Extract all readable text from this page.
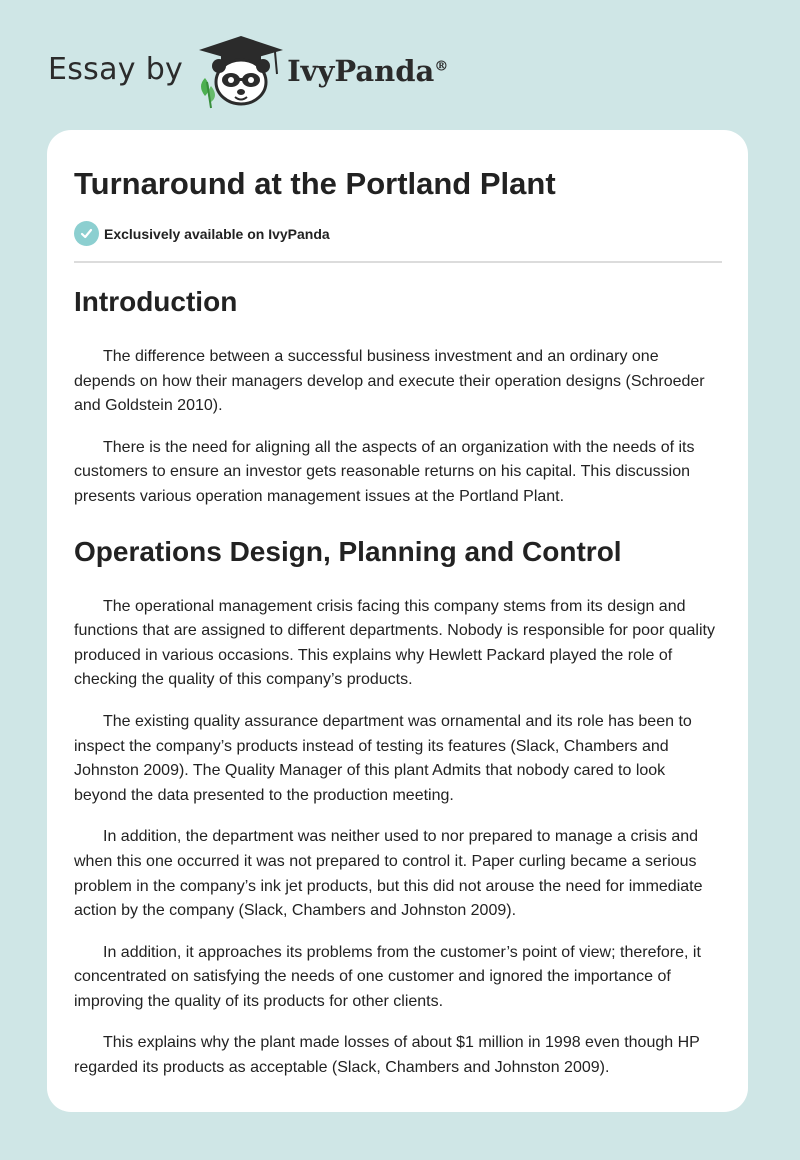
Essay by	IvyPanda®
Turnaround at the Portland Plant
Exclusively available on IvyPanda
Introduction

The difference between a successful business investment and an ordinary one depends on how their managers develop and execute their operation designs (Schroeder and Goldstein 2010).

There is the need for aligning all the aspects of an organization with the needs of its customers to ensure an investor gets reasonable returns on his capital. This discussion presents various operation management issues at the Portland Plant.

Operations Design, Planning and Control

The operational management crisis facing this company stems from its design and functions that are assigned to different departments. Nobody is responsible for poor quality produced in various occasions. This explains why Hewlett Packard played the role of checking the quality of this company’s products.

The existing quality assurance department was ornamental and its role has been to inspect the company’s products instead of testing its features (Slack, Chambers and Johnston 2009). The Quality Manager of this plant Admits that nobody cared to look beyond the data presented to the production meeting.

In addition, the department was neither used to nor prepared to manage a crisis and when this one occurred it was not prepared to control it. Paper curling became a serious problem in the company’s ink jet products, but this did not arouse the need for immediate action by the company (Slack, Chambers and Johnston 2009).

In addition, it approaches its problems from the customer’s point of view; therefore, it concentrated on satisfying the needs of one customer and ignored the importance of improving the quality of its products for other clients.

This explains why the plant made losses of about $1 million in 1998 even though HP regarded its products as acceptable (Slack, Chambers and Johnston 2009).
